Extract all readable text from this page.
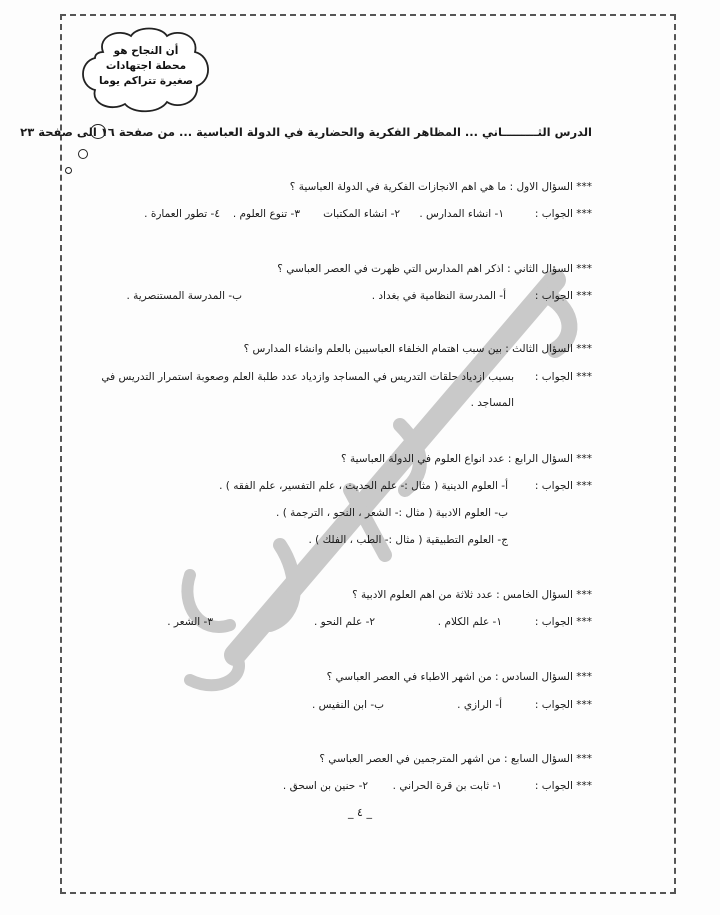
أن النجاح هو
محطة اجتهادات
صغيرة تتراكم يوما
الدرس الثـــــــــاني ... المظاهر الفكرية والحضارية في الدولة العباسية ... من صفحة ١٦ الى صفحة ٢٣
*** السؤال الاول : ما هي اهم الانجازات الفكرية في الدولة العباسية ؟
*** الجواب :
١- انشاء المدارس .
٢- انشاء المكتبات
٣- تنوع العلوم .
٤- تطور العمارة .
*** السؤال الثاني : اذكر اهم المدارس التي ظهرت في العصر العباسي ؟
*** الجواب :
أ- المدرسة النظامية في بغداد .
ب- المدرسة المستنصرية .
*** السؤال الثالث : بين سبب اهتمام الخلفاء العباسيين بالعلم وانشاء المدارس ؟
*** الجواب :
بسبب ازدياد حلقات التدريس في المساجد وازدياد عدد طلبة العلم وصعوبة استمرار التدريس في
المساجد .
*** السؤال الرابع : عدد انواع العلوم في الدولة العباسية ؟
*** الجواب :
أ- العلوم الدينية ( مثال :- علم الحديث ، علم التفسير، علم الفقه ) .
ب- العلوم الادبية ( مثال :- الشعر ، النحو ، الترجمة ) .
ج- العلوم التطبيقية ( مثال :- الطب ، الفلك ) .
*** السؤال الخامس : عدد ثلاثة من اهم العلوم الادبية ؟
*** الجواب :
١- علم الكلام .
٢- علم النحو .
٣- الشعر .
*** السؤال السادس : من اشهر الاطباء في العصر العباسي ؟
*** الجواب :
أ- الرازي .
ب- ابن النفيس .
*** السؤال السابع : من اشهر المترجمين في العصر العباسي ؟
*** الجواب :
١- ثابت بن قرة الحراني .
٢- حنين بن اسحق .
_ ٤ _
